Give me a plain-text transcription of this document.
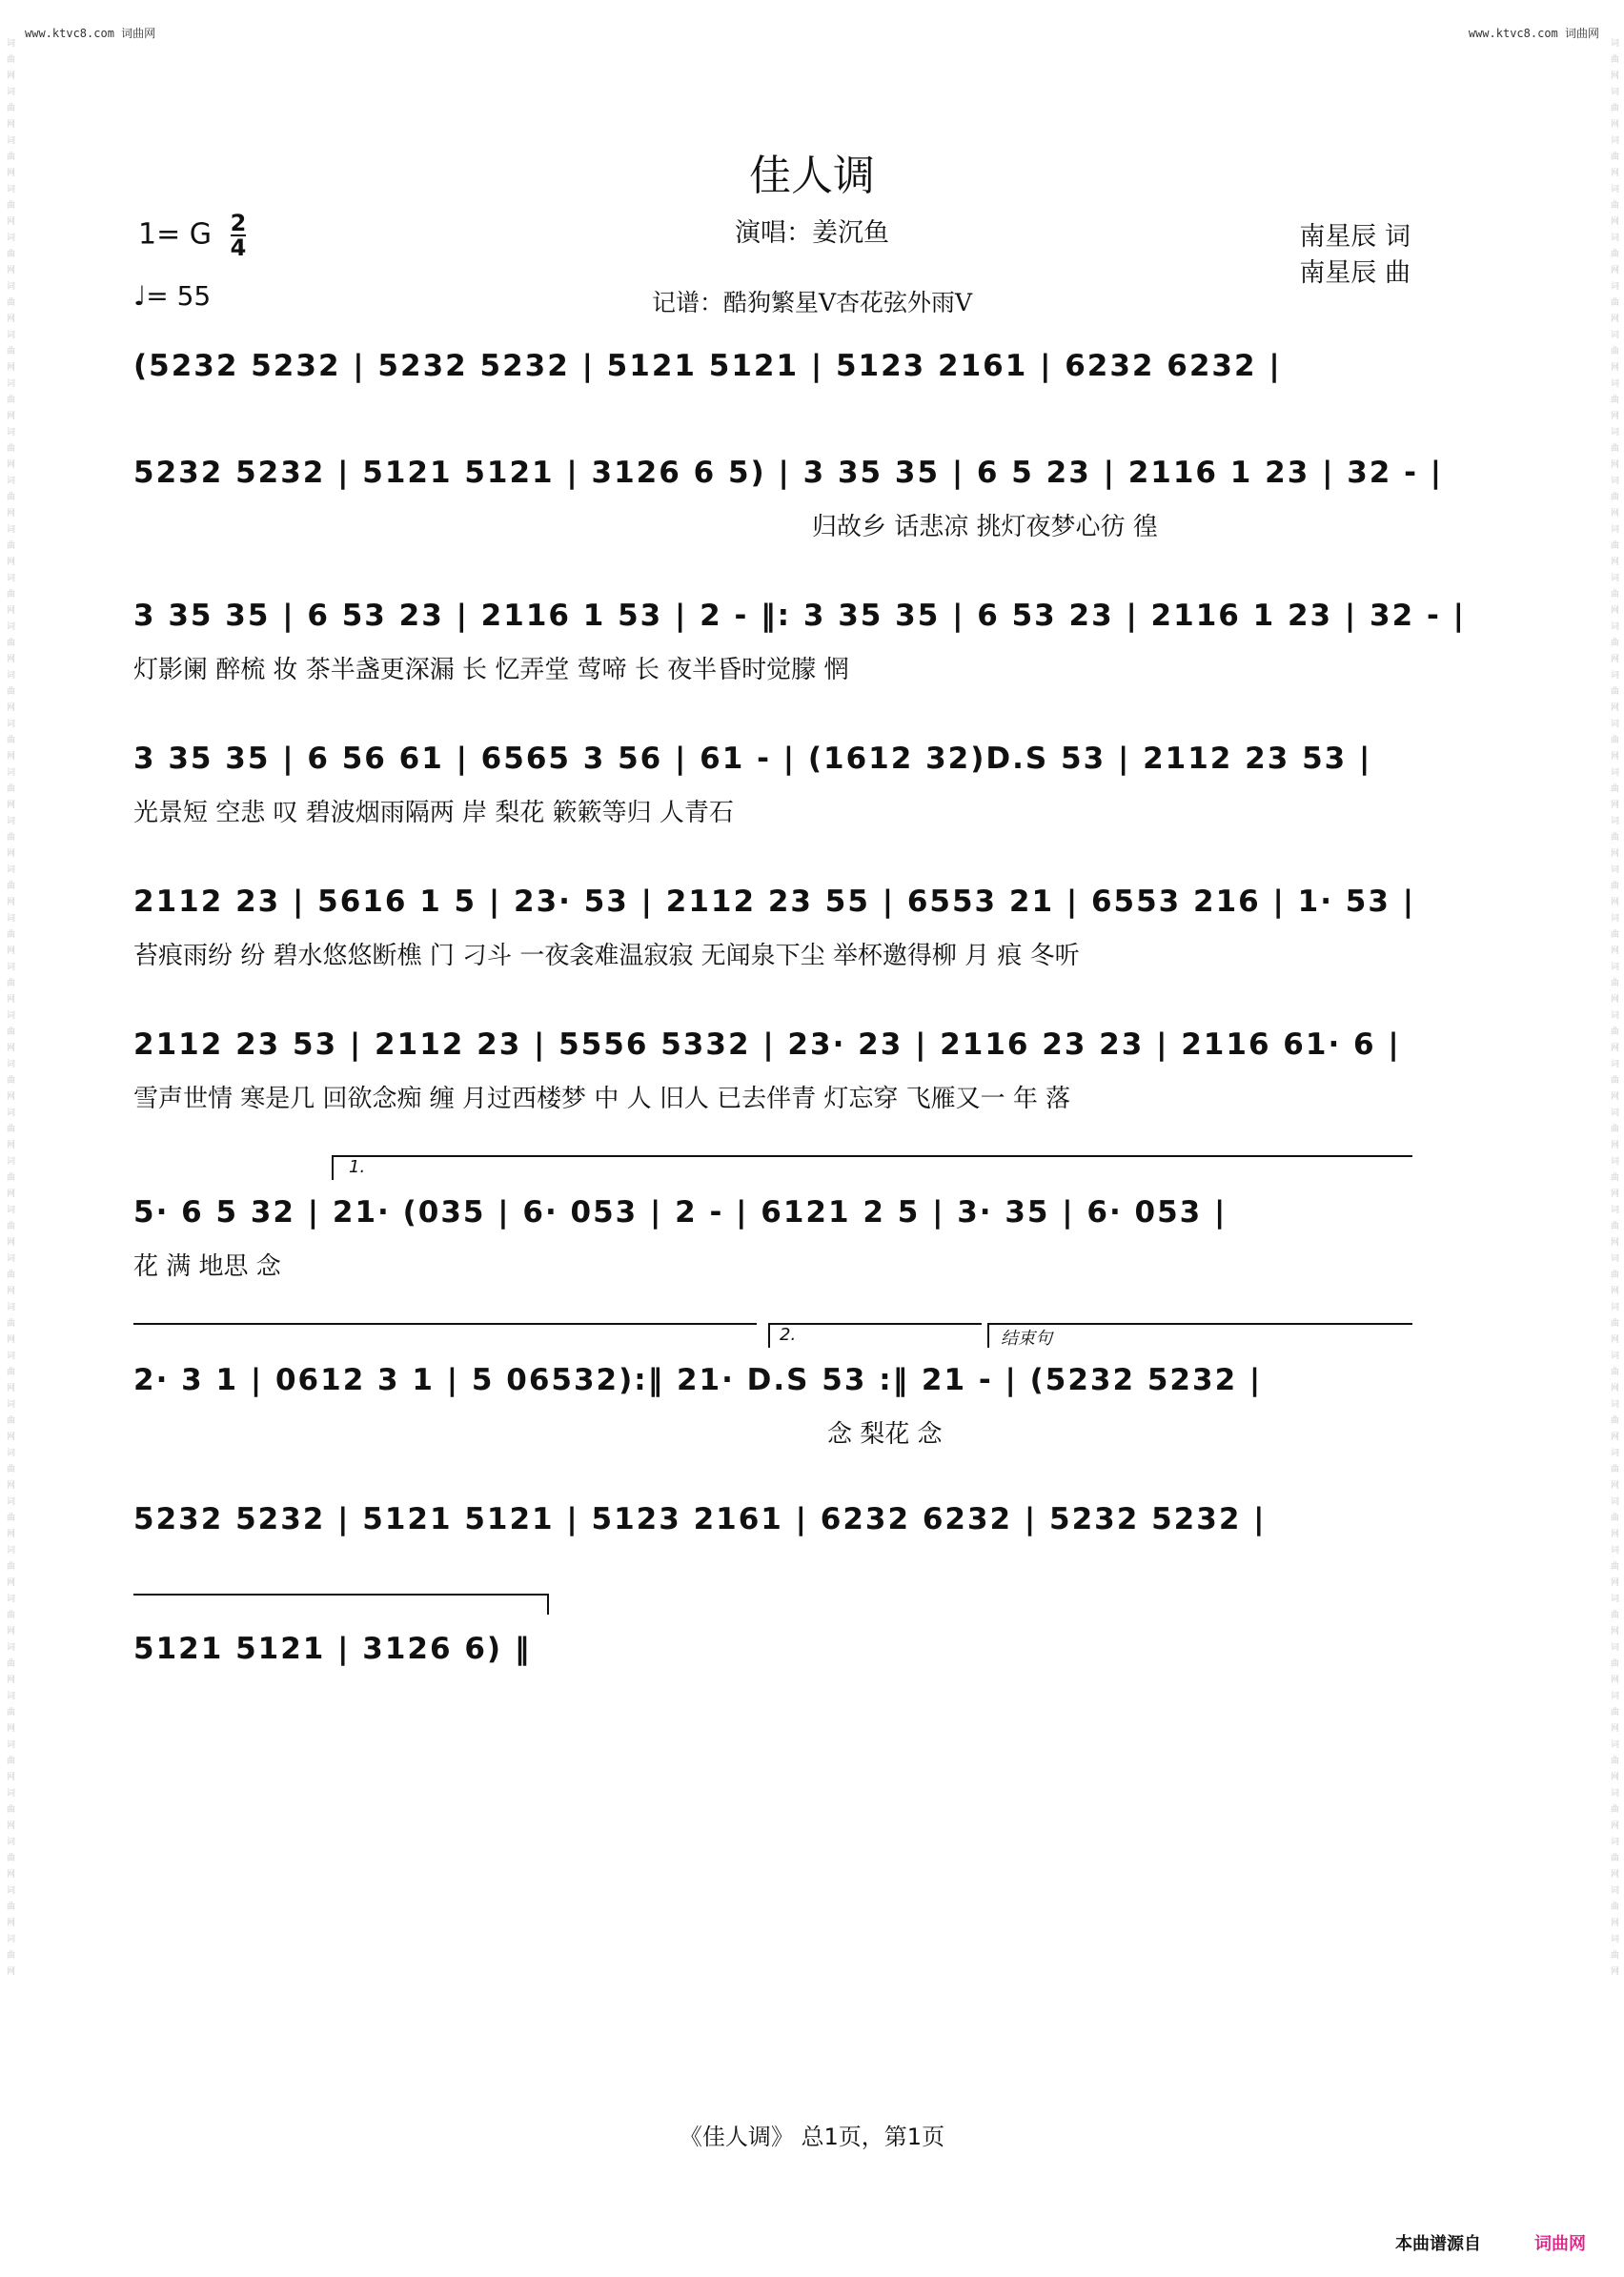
www.ktvc8.com 词曲网	www.ktvc8.com 词曲网
词曲网词曲网词曲网词曲网词曲网词曲网词曲网词曲网词曲网词曲网词曲网词曲网词曲网词曲网词曲网词曲网词曲网词曲网词曲网词曲网词曲网词曲网词曲网词曲网词曲网词曲网词曲网词曲网词曲网词曲网词曲网词曲网词曲网词曲网词曲网词曲网词曲网词曲网词曲网词曲网
词曲网词曲网词曲网词曲网词曲网词曲网词曲网词曲网词曲网词曲网词曲网词曲网词曲网词曲网词曲网词曲网词曲网词曲网词曲网词曲网词曲网词曲网词曲网词曲网词曲网词曲网词曲网词曲网词曲网词曲网词曲网词曲网词曲网词曲网词曲网词曲网词曲网词曲网词曲网词曲网
佳人调
演唱：姜沉鱼
记谱：酷狗繁星V杏花弦外雨V
南星辰 词
南星辰 曲
1= G $\frac{2}{4}$
♩= 55
(5232 5232 | 5232 5232 | 5121 5121 | 5123 2161 | 6232 6232 |
5232 5232 | 5121 5121 | 3126 6 5) | 3 35 35 | 6 5 23 | 2116 1 23 | 32 - |
归故乡 话悲凉 挑灯夜梦心彷 徨
3 35 35 | 6 53 23 | 2116 1 53 | 2 - ‖: 3 35 35 | 6 53 23 | 2116 1 23 | 32 - |
灯影阑 醉梳 妆 茶半盏更深漏 长 忆弄堂 莺啼 长 夜半昏时觉朦 惘
3 35 35 | 6 56 61 | 6565 3 56 | 61 - | (1612 32)D.S 53 | 2112 23 53 |
光景短 空悲 叹 碧波烟雨隔两 岸 梨花 簌簌等归 人青石
2112 23 | 5616 1 5 | 23· 53 | 2112 23 55 | 6553 21 | 6553 216 | 1· 53 |
苔痕雨纷 纷 碧水悠悠断樵 门 刁斗 一夜衾难温寂寂 无闻泉下尘 举杯邀得柳 月 痕 冬听
2112 23 53 | 2112 23 | 5556 5332 | 23· 23 | 2116 23 23 | 2116 61· 6 |
雪声世情 寒是几 回欲念痴 缠 月过西楼梦 中 人 旧人 已去伴青 灯忘穿 飞雁又一 年 落
1.
5· 6 5 32 | 21· (035 | 6· 053 | 2 - | 6121 2 5 | 3· 35 | 6· 053 |
花 满 地思 念
2.	结束句
2· 3 1 | 0612 3 1 | 5 06532):‖ 21· D.S 53 :‖ 21 - | (5232 5232 |
念 梨花 念
5232 5232 | 5121 5121 | 5123 2161 | 6232 6232 | 5232 5232 |
5121 5121 | 3126 6) ‖
《佳人调》 总1页，第1页
本曲谱源自	词曲网
